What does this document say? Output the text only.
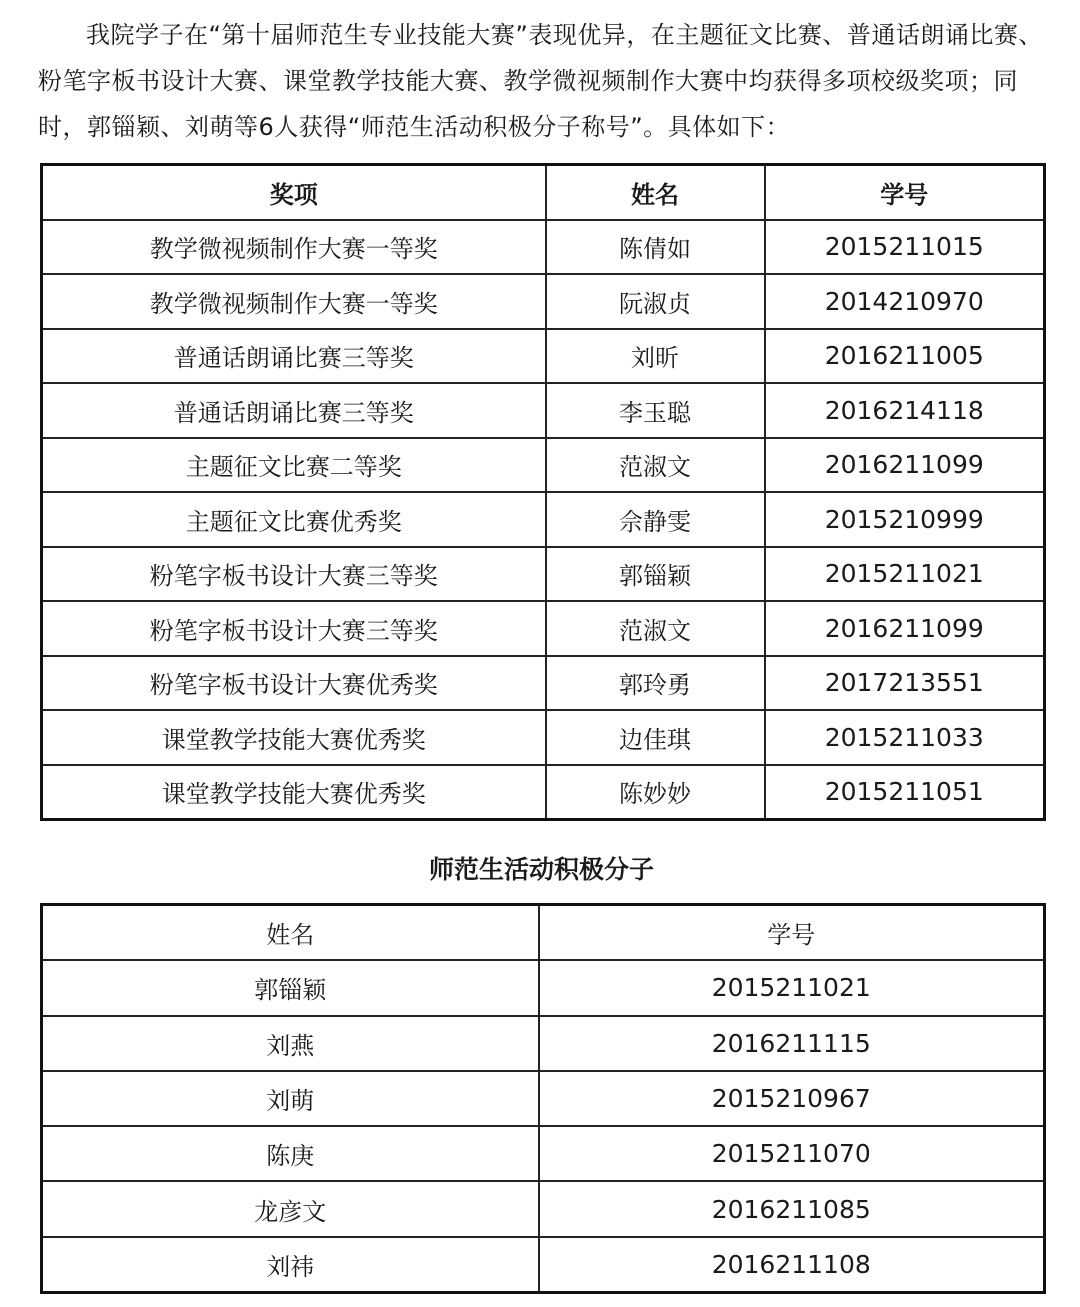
我院学子在“第十届师范生专业技能大赛”表现优异，在主题征文比赛、普通话朗诵比赛、粉笔字板书设计大赛、课堂教学技能大赛、教学微视频制作大赛中均获得多项校级奖项；同时，郭锱颖、刘萌等6人获得“师范生活动积极分子称号”。具体如下：

奖项	姓名	学号
教学微视频制作大赛一等奖	陈倩如	2015211015
教学微视频制作大赛一等奖	阮淑贞	2014210970
普通话朗诵比赛三等奖	刘昕	2016211005
普通话朗诵比赛三等奖	李玉聪	2016214118
主题征文比赛二等奖	范淑文	2016211099
主题征文比赛优秀奖	佘静雯	2015210999
粉笔字板书设计大赛三等奖	郭锱颖	2015211021
粉笔字板书设计大赛三等奖	范淑文	2016211099
粉笔字板书设计大赛优秀奖	郭玲勇	2017213551
课堂教学技能大赛优秀奖	边佳琪	2015211033
课堂教学技能大赛优秀奖	陈妙妙	2015211051
师范生活动积极分子
姓名	学号
郭锱颖	2015211021
刘燕	2016211115
刘萌	2015210967
陈庚	2015211070
龙彦文	2016211085
刘祎	2016211108
